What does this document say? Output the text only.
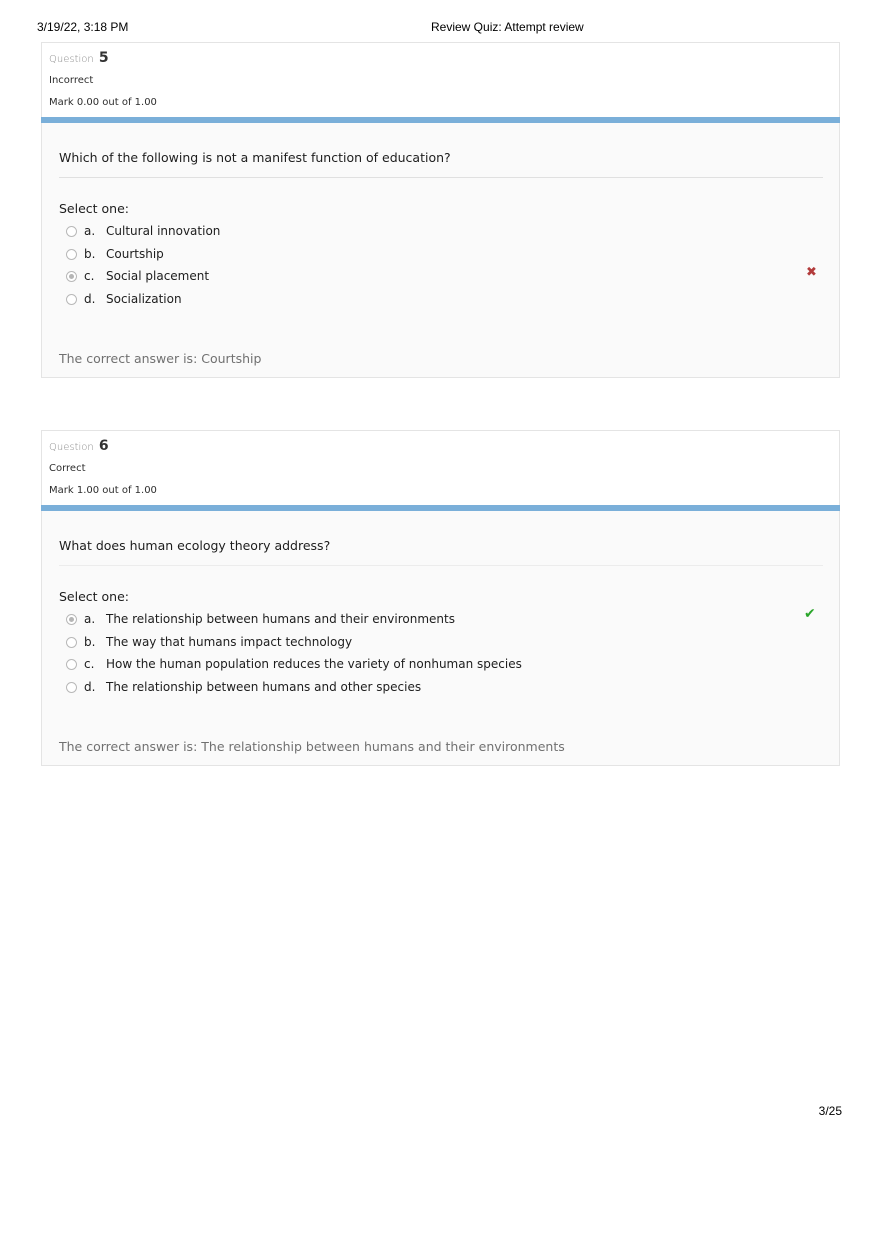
3/19/22, 3:18 PM	Review Quiz: Attempt review
Question 5
Incorrect
Mark 0.00 out of 1.00
Which of the following is not a manifest function of education?
Select one:
a. Cultural innovation
b. Courtship
c. Social placement
d. Socialization
✖
The correct answer is: Courtship
Question 6
Correct
Mark 1.00 out of 1.00
What does human ecology theory address?
Select one:
a. The relationship between humans and their environments
b. The way that humans impact technology
c. How the human population reduces the variety of nonhuman species
d. The relationship between humans and other species
✔
The correct answer is: The relationship between humans and their environments
3/25
